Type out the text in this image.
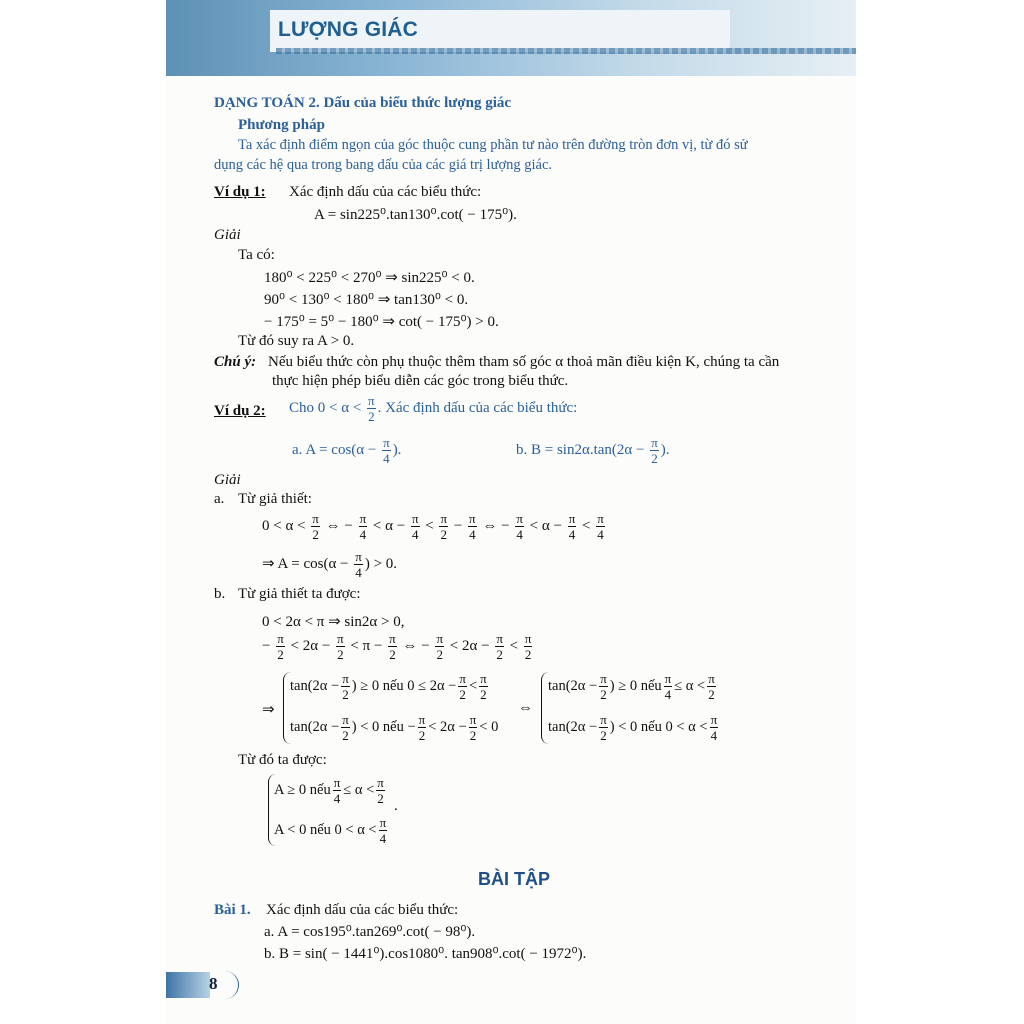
LƯỢNG GIÁC
DẠNG TOÁN 2. Dấu của biểu thức lượng giác
Phương pháp
Ta xác định điểm ngọn của góc thuộc cung phần tư nào trên đường tròn đơn vị, từ đó sử
dụng các hệ qua trong bang dấu của các giá trị lượng giác.
Ví dụ 1: Xác định dấu của các biểu thức:
A = sin225⁰.tan130⁰.cot( − 175⁰).
Giải
Ta có:
180⁰ < 225⁰ < 270⁰ ⇒ sin225⁰ < 0.
90⁰ < 130⁰ < 180⁰ ⇒ tan130⁰ < 0.
− 175⁰ = 5⁰ − 180⁰ ⇒ cot( − 175⁰) > 0.
Từ đó suy ra A > 0.
Chú ý: Nếu biểu thức còn phụ thuộc thêm tham số góc α thoả mãn điều kiện K, chúng ta cần
thực hiện phép biểu diễn các góc trong biểu thức.
Ví dụ 2: Cho $0 < \alpha < \frac{\pi}{2}$ . Xác định dấu của các biểu thức:
a. $A = \cos(\alpha - \frac{\pi}{4}$ ).	b. $B = \sin 2\alpha.\tan(2\alpha - \frac{\pi}{2}$ ).
Giải
a. Từ giả thiết:
$0 < \alpha < \frac{\pi}{2}$ ⇔ − $\frac{\pi}{4} < \alpha - \frac{\pi}{4} < \frac{\pi}{2} - \frac{\pi}{4}$ ⇔ − $\frac{\pi}{4} < \alpha - \frac{\pi}{4} < \frac{\pi}{4}$
⇒ $A = \cos(\alpha - \frac{\pi}{4}$ ) > 0.
b. Từ giả thiết ta được:
0 < 2α < π ⇒ sin2α > 0,
− $\frac{\pi}{2} < 2\alpha - \frac{\pi}{2} < \pi - \frac{\pi}{2}$ ⇔ − $\frac{\pi}{2} < 2\alpha - \frac{\pi}{2} < \frac{\pi}{2}$
⇒
$\tan(2\alpha - \frac{\pi}{2}$ ) ≥ 0 nếu $0 \le 2\alpha - \frac{\pi}{2} < \frac{\pi}{2}$
$\tan(2\alpha - \frac{\pi}{2}$ ) < 0 nếu − $\frac{\pi}{2} < 2\alpha - \frac{\pi}{2} < 0$
⇔
$\tan(2\alpha - \frac{\pi}{2}$ ) ≥ 0 nếu $\frac{\pi}{4} \le \alpha < \frac{\pi}{2}$
$\tan(2\alpha - \frac{\pi}{2}$ ) < 0 nếu $0 < \alpha < \frac{\pi}{4}$
Từ đó ta được:
A ≥ 0 nếu $\frac{\pi}{4} \le \alpha < \frac{\pi}{2}$
.
A < 0 nếu $0 < \alpha < \frac{\pi}{4}$
BÀI TẬP
Bài 1. Xác định dấu của các biểu thức:
a. A = cos195⁰.tan269⁰.cot( − 98⁰).
b. B = sin( − 1441⁰).cos1080⁰. tan908⁰.cot( − 1972⁰).
8
